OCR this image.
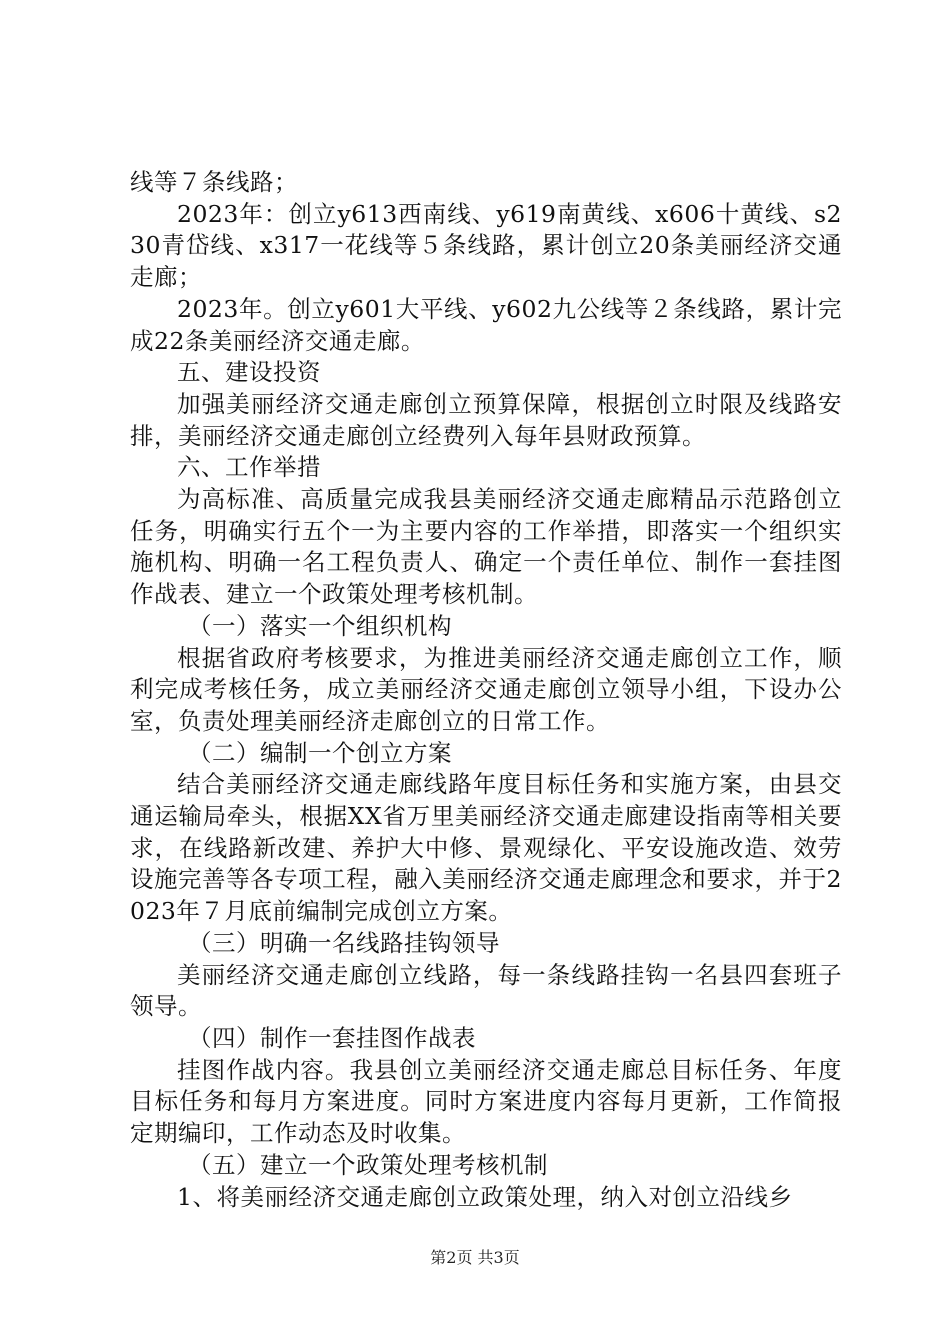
线等７条线路；

2023年：创立y613西南线、y619南黄线、x606十黄线、s230青岱线、x317一花线等５条线路，累计创立20条美丽经济交通走廊；

2023年。创立y601大平线、y602九公线等２条线路，累计完成22条美丽经济交通走廊。

五、建设投资

加强美丽经济交通走廊创立预算保障，根据创立时限及线路安排，美丽经济交通走廊创立经费列入每年县财政预算。

六、工作举措

为高标准、高质量完成我县美丽经济交通走廊精品示范路创立任务，明确实行五个一为主要内容的工作举措，即落实一个组织实施机构、明确一名工程负责人、确定一个责任单位、制作一套挂图作战表、建立一个政策处理考核机制。

（一）落实一个组织机构

根据省政府考核要求，为推进美丽经济交通走廊创立工作，顺利完成考核任务，成立美丽经济交通走廊创立领导小组，下设办公室，负责处理美丽经济走廊创立的日常工作。

（二）编制一个创立方案

结合美丽经济交通走廊线路年度目标任务和实施方案，由县交通运输局牵头，根据XX省万里美丽经济交通走廊建设指南等相关要求，在线路新改建、养护大中修、景观绿化、平安设施改造、效劳设施完善等各专项工程，融入美丽经济交通走廊理念和要求，并于2023年７月底前编制完成创立方案。

（三）明确一名线路挂钩领导

美丽经济交通走廊创立线路，每一条线路挂钩一名县四套班子领导。

（四）制作一套挂图作战表

挂图作战内容。我县创立美丽经济交通走廊总目标任务、年度目标任务和每月方案进度。同时方案进度内容每月更新，工作简报定期编印，工作动态及时收集。

（五）建立一个政策处理考核机制

1、将美丽经济交通走廊创立政策处理，纳入对创立沿线乡

第2页 共3页
